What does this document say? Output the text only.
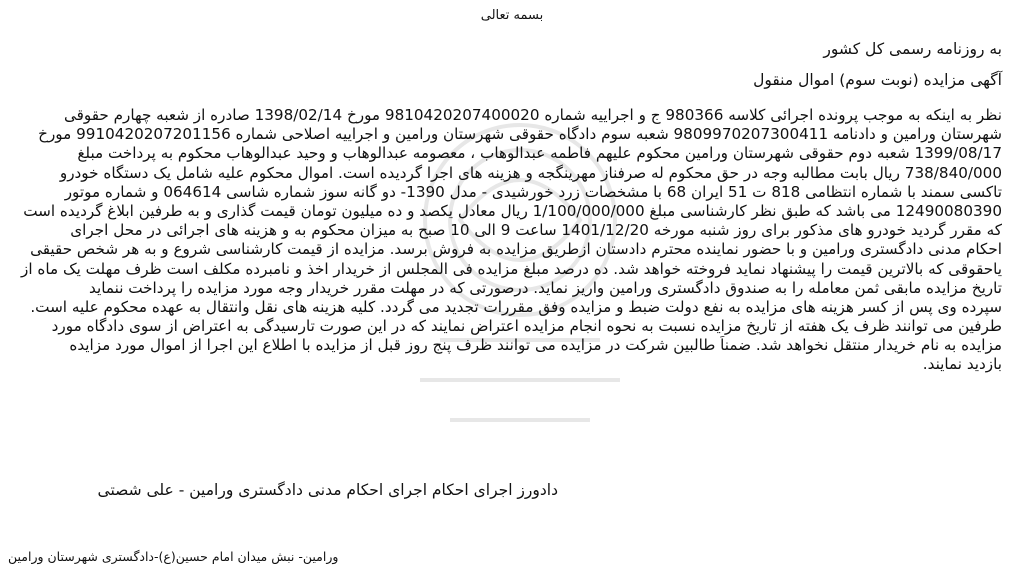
بسمه تعالی
به روزنامه رسمی کل کشور
آگهی مزایده (نوبت سوم) اموال منقول
نظر به اینکه به موجب پرونده اجرائی کلاسه 980366 ج و اجراییه شماره 9810420207400020 مورخ 1398/02/14 صادره از شعبه چهارم حقوقی
شهرستان ورامین و دادنامه 9809970207300411 شعبه سوم دادگاه حقوقی شهرستان ورامین و اجراییه اصلاحی شماره 9910420207201156 مورخ
1399/08/17 شعبه دوم حقوقی شهرستان ورامین محکوم علیهم فاطمه عبدالوهاب ، معصومه عبدالوهاب و وحید عبدالوهاب محکوم به پرداخت مبلغ
738/840/000 ریال بابت مطالبه وجه در حق محکوم له صرفناز مهرینگجه و هزینه های اجرا گردیده است. اموال محکوم علیه شامل یک دستگاه خودرو
تاکسی سمند با شماره انتظامی 818 ت 51 ایران 68 با مشخصات زرد خورشیدی - مدل 1390- دو گانه سوز شماره شاسی 064614 و شماره موتور
12490080390 می باشد که طبق نظر کارشناسی مبلغ 1/100/000/000 ریال معادل یکصد و ده میلیون تومان قیمت گذاری و به طرفین ابلاغ گردیده است
که مقرر گردید خودرو های مذکور برای روز شنبه مورخه 1401/12/20 ساعت 9 الی 10 صبح به میزان محکوم به و هزینه های اجرائی در محل اجرای
احکام مدنی دادگستری ورامین و با حضور نماینده محترم دادستان ازطریق مزایده به فروش برسد. مزایده از قیمت کارشناسی شروع و به هر شخص حقیقی
یاحقوقی که بالاترین قیمت را پیشنهاد نماید فروخته خواهد شد. ده درصد مبلغ مزایده فی المجلس از خریدار اخذ و نامبرده مکلف است ظرف مهلت یک ماه از
تاریخ مزایده مابقی ثمن معامله را به صندوق دادگستری ورامین واریز نماید. درصورتی که در مهلت مقرر خریدار وجه مورد مزایده را پرداخت ننماید
سپرده وی پس از کسر هزینه های مزایده به نفع دولت ضبط و مزایده وفق مقررات تجدید می گردد. کلیه هزینه های نقل وانتقال به عهده محکوم علیه است.
طرفین می توانند ظرف یک هفته از تاریخ مزایده نسبت به نحوه انجام مزایده اعتراض نمایند که در این صورت تارسیدگی به اعتراض از سوی دادگاه مورد
مزایده به نام خریدار منتقل نخواهد شد. ضمناً طالبین شرکت در مزایده می توانند ظرف پنج روز قبل از مزایده با اطلاع این اجرا از اموال مورد مزایده
بازدید نمایند.
دادورز اجرای احکام اجرای احکام مدنی دادگستری ورامین - علی شصتی
ورامین- نبش میدان امام حسین(ع)-دادگستری شهرستان ورامین
